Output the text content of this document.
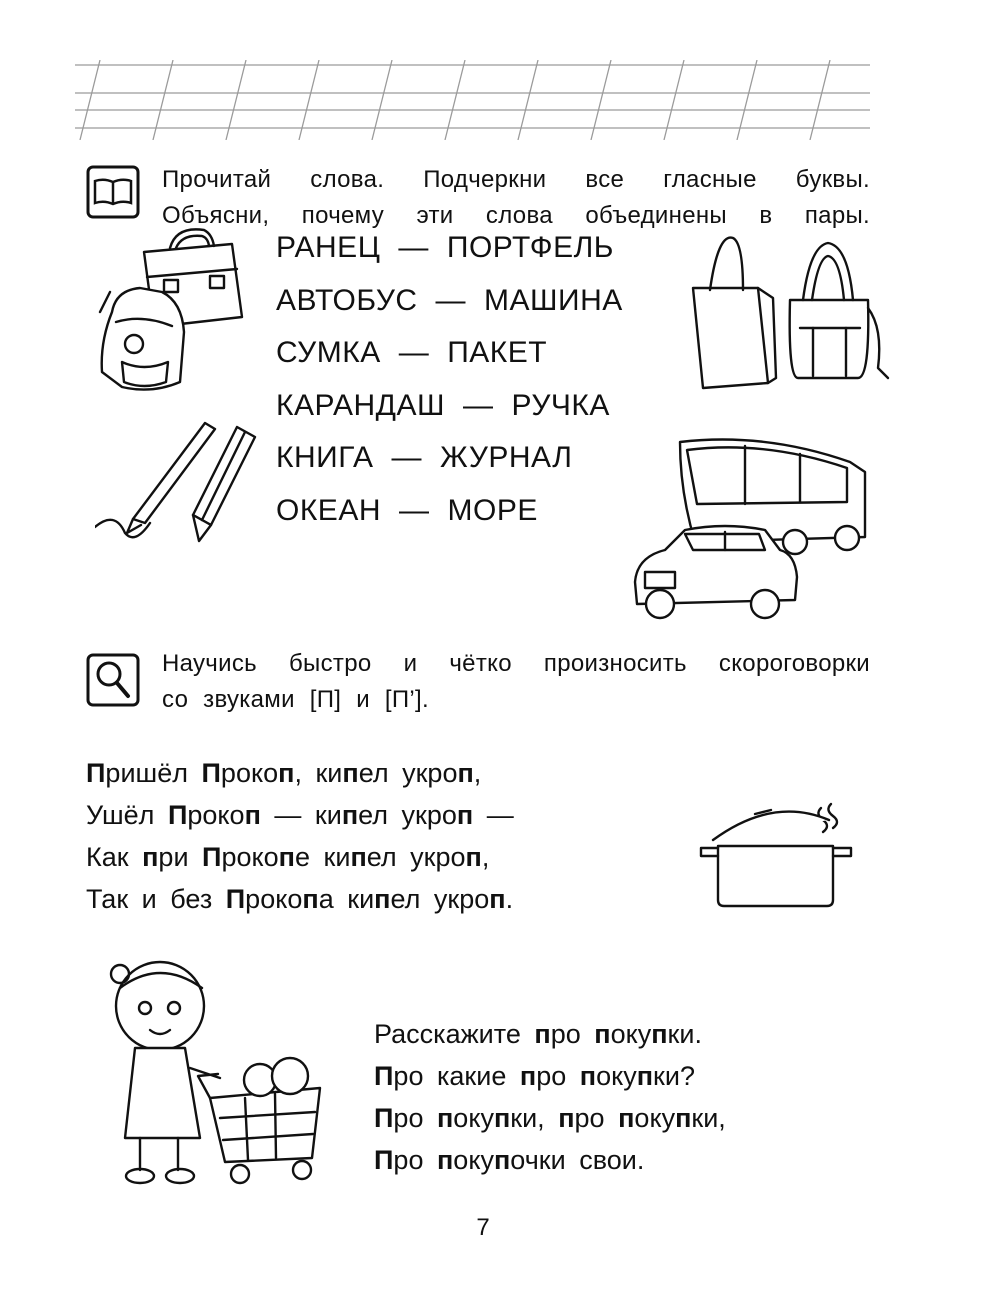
Прочитай слова. Подчеркни все гласные буквы.
Объясни, почему эти слова объединены в пары.
РАНЕЦ — ПОРТФЕЛЬ
АВТОБУС — МАШИНА
СУМКА — ПАКЕТ
КАРАНДАШ — РУЧКА
КНИГА — ЖУРНАЛ
ОКЕАН — МОРЕ
Научись быстро и чётко произносить скороговорки
со звуками [П] и [П’].
Пришёл Прокоп, кипел укроп,
Ушёл Прокоп — кипел укроп —
Как при Прокопе кипел укроп,
Так и без Прокопа кипел укроп.
Расскажите про покупки.
Про какие про покупки?
Про покупки, про покупки,
Про покупочки свои.
7
